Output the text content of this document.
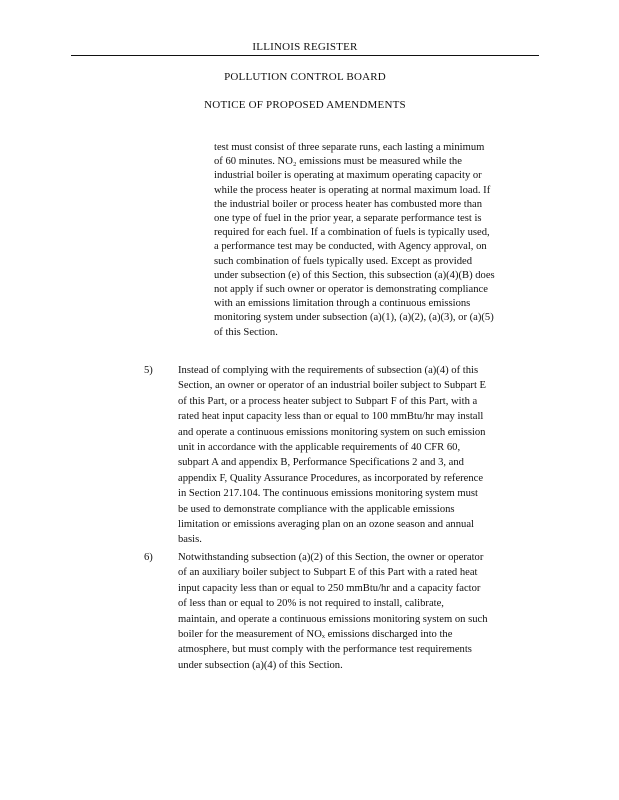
ILLINOIS REGISTER
POLLUTION CONTROL BOARD
NOTICE OF PROPOSED AMENDMENTS
test must consist of three separate runs, each lasting a minimum
of 60 minutes. NO₂ emissions must be measured while the
industrial boiler is operating at maximum operating capacity or
while the process heater is operating at normal maximum load. If
the industrial boiler or process heater has combusted more than
one type of fuel in the prior year, a separate performance test is
required for each fuel. If a combination of fuels is typically used,
a performance test may be conducted, with Agency approval, on
such combination of fuels typically used. Except as provided
under subsection (e) of this Section, this subsection (a)(4)(B) does
not apply if such owner or operator is demonstrating compliance
with an emissions limitation through a continuous emissions
monitoring system under subsection (a)(1), (a)(2), (a)(3), or (a)(5)
of this Section.
5)	Instead of complying with the requirements of subsection (a)(4) of this
Section, an owner or operator of an industrial boiler subject to Subpart E
of this Part, or a process heater subject to Subpart F of this Part, with a
rated heat input capacity less than or equal to 100 mmBtu/hr may install
and operate a continuous emissions monitoring system on such emission
unit in accordance with the applicable requirements of 40 CFR 60,
subpart A and appendix B, Performance Specifications 2 and 3, and
appendix F, Quality Assurance Procedures, as incorporated by reference
in Section 217.104. The continuous emissions monitoring system must
be used to demonstrate compliance with the applicable emissions
limitation or emissions averaging plan on an ozone season and annual
basis.
6)	Notwithstanding subsection (a)(2) of this Section, the owner or operator
of an auxiliary boiler subject to Subpart E of this Part with a rated heat
input capacity less than or equal to 250 mmBtu/hr and a capacity factor
of less than or equal to 20% is not required to install, calibrate,
maintain, and operate a continuous emissions monitoring system on such
boiler for the measurement of NOₓ emissions discharged into the
atmosphere, but must comply with the performance test requirements
under subsection (a)(4) of this Section.
